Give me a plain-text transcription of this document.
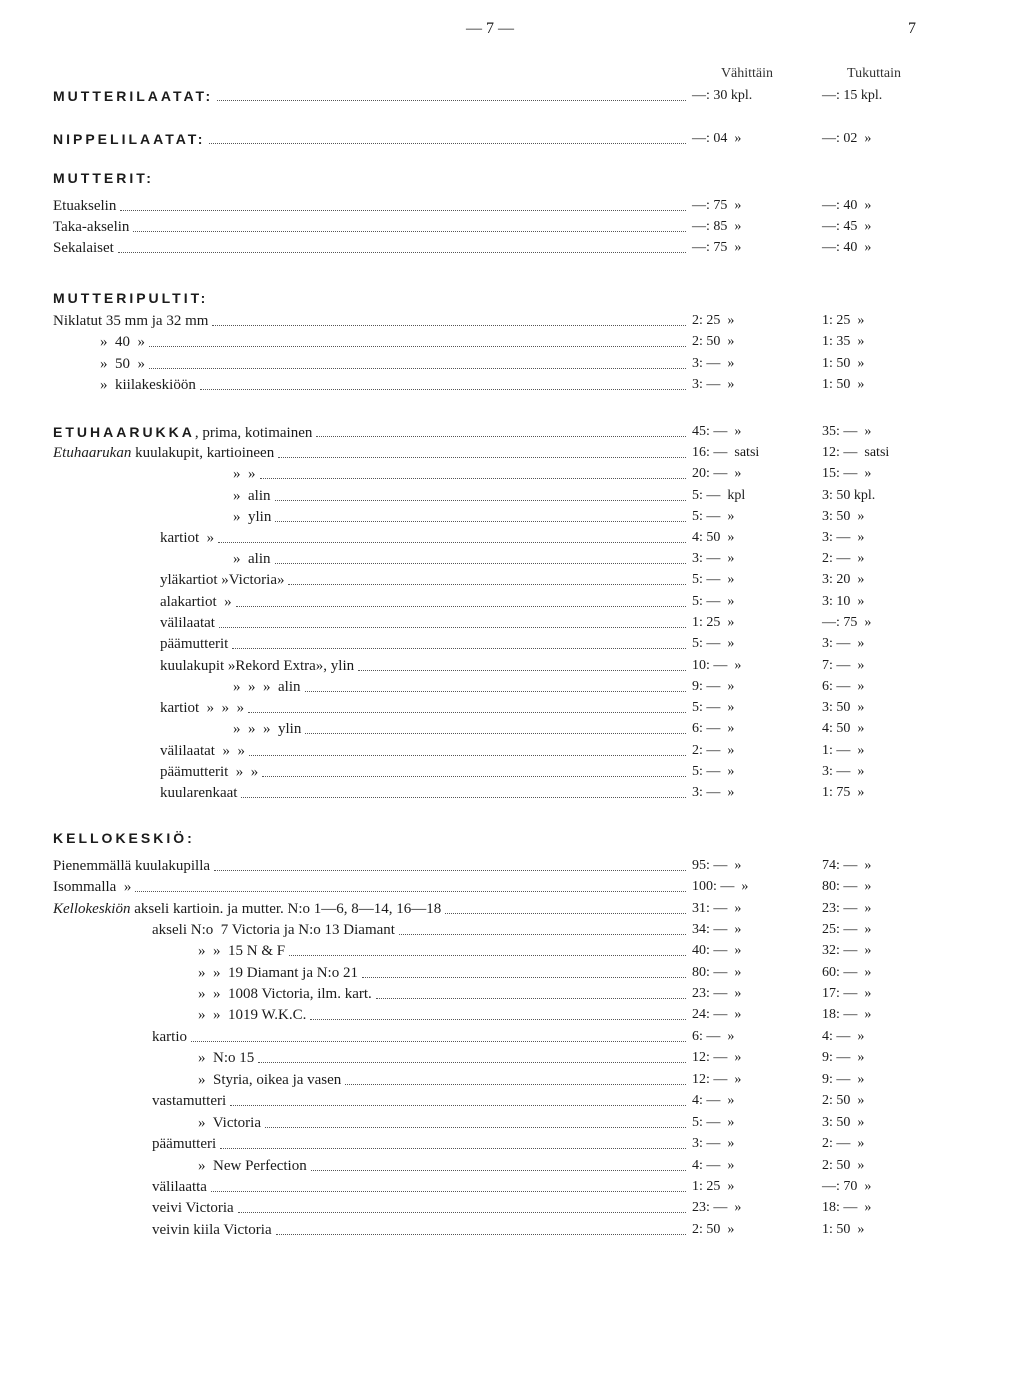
— 7 —	7
Vähittäin	Tukuttain
MUTTERILAATAT:	—: 30 kpl.	—: 15 kpl.
NIPPELILAATAT:	—: 04  »	—: 02  »
MUTTERIT:
Etuakselin	—: 75  »	—: 40  »
Taka-akselin	—: 85  »	—: 45  »
Sekalaiset	—: 75  »	—: 40  »
MUTTERIPULTIT:
Niklatut 35 mm ja 32 mm	2: 25  »	1: 25  »
»  40  »	2: 50  »	1: 35  »
»  50  »	3: —  »	1: 50  »
»  kiilakeskiöön	3: —  »	1: 50  »
ETUHAARUKKA, prima, kotimainen	45: —  »	35: —  »
Etuhaarukan kuulakupit, kartioineen	16: —  satsi	12: —  satsi
»  »	20: —  »	15: —  »
»  alin	5: —  kpl	3: 50 kpl.
»  ylin	5: —  »	3: 50  »
kartiot  »	4: 50  »	3: —  »
»  alin	3: —  »	2: —  »
yläkartiot »Victoria»	5: —  »	3: 20  »
alakartiot  »	5: —  »	3: 10  »
välilaatat	1: 25  »	—: 75  »
päämutterit	5: —  »	3: —  »
kuulakupit »Rekord Extra», ylin	10: —  »	7: —  »
»  »  »  alin	9: —  »	6: —  »
kartiot  »  »  »	5: —  »	3: 50  »
»  »  »  ylin	6: —  »	4: 50  »
välilaatat  »  »	2: —  »	1: —  »
päämutterit  »  »	5: —  »	3: —  »
kuularenkaat	3: —  »	1: 75  »
KELLOKESKIÖ:
Pienemmällä kuulakupilla	95: —  »	74: —  »
Isommalla  »	100: —  »	80: —  »
Kellokeskiön akseli kartioin. ja mutter. N:o 1—6, 8—14, 16—18	31: —  »	23: —  »
akseli N:o  7 Victoria ja N:o 13 Diamant	34: —  »	25: —  »
»  »  15 N & F	40: —  »	32: —  »
»  »  19 Diamant ja N:o 21	80: —  »	60: —  »
»  »  1008 Victoria, ilm. kart.	23: —  »	17: —  »
»  »  1019 W.K.C.	24: —  »	18: —  »
kartio	6: —  »	4: —  »
»  N:o 15	12: —  »	9: —  »
»  Styria, oikea ja vasen	12: —  »	9: —  »
vastamutteri	4: —  »	2: 50  »
»  Victoria	5: —  »	3: 50  »
päämutteri	3: —  »	2: —  »
»  New Perfection	4: —  »	2: 50  »
välilaatta	1: 25  »	—: 70  »
veivi Victoria	23: —  »	18: —  »
veivin kiila Victoria	2: 50  »	1: 50  »
